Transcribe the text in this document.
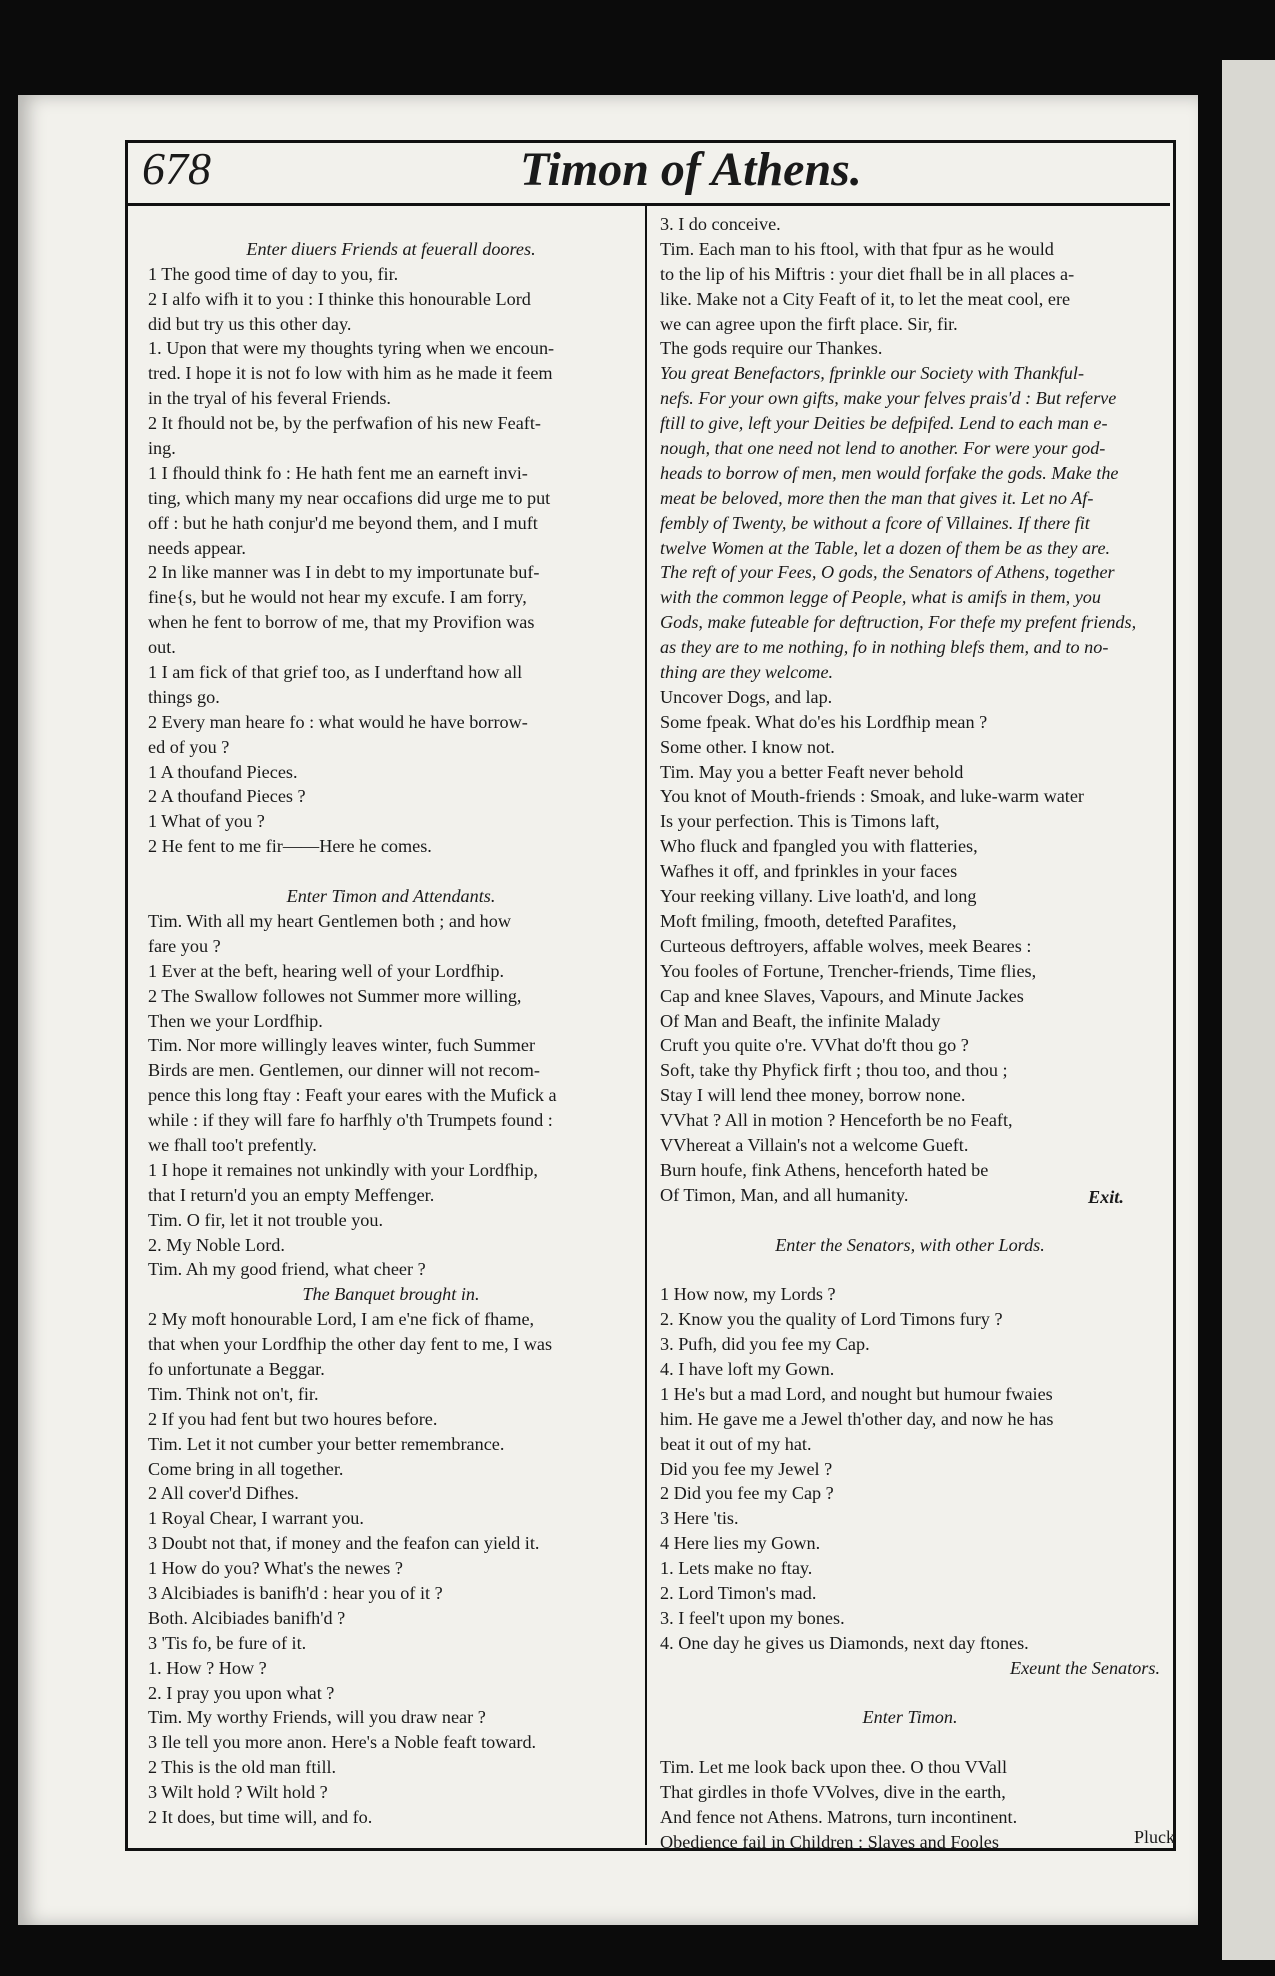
678	Timon of Athens.
Enter diuers Friends at feuerall doores.
1 The good time of day to you, fir.
2 I alfo wifh it to you : I thinke this honourable Lord
did but try us this other day.
1. Upon that were my thoughts tyring when we encoun-
tred. I hope it is not fo low with him as he made it feem
in the tryal of his feveral Friends.
2 It fhould not be, by the perfwafion of his new Feaft-
ing.
1 I fhould think fo : He hath fent me an earneft invi-
ting, which many my near occafions did urge me to put
off : but he hath conjur'd me beyond them, and I muft
needs appear.
2 In like manner was I in debt to my importunate buf-
fine{s, but he would not hear my excufe. I am forry,
when he fent to borrow of me, that my Provifion was
out.
1 I am fick of that grief too, as I underftand how all
things go.
2 Every man heare fo : what would he have borrow-
ed of you ?
1 A thoufand Pieces.
2 A thoufand Pieces ?
1 What of you ?
2 He fent to me fir——Here he comes.
Enter Timon and Attendants.
Tim. With all my heart Gentlemen both ; and how
fare you ?
1 Ever at the beft, hearing well of your Lordfhip.
2 The Swallow followes not Summer more willing,
Then we your Lordfhip.
Tim. Nor more willingly leaves winter, fuch Summer
Birds are men. Gentlemen, our dinner will not recom-
pence this long ftay : Feaft your eares with the Mufick a
while : if they will fare fo harfhly o'th Trumpets found :
we fhall too't prefently.
1 I hope it remaines not unkindly with your Lordfhip,
that I return'd you an empty Meffenger.
Tim. O fir, let it not trouble you.
2. My Noble Lord.
Tim. Ah my good friend, what cheer ?
The Banquet brought in.
2 My moft honourable Lord, I am e'ne fick of fhame,
that when your Lordfhip the other day fent to me, I was
fo unfortunate a Beggar.
Tim. Think not on't, fir.
2 If you had fent but two houres before.
Tim. Let it not cumber your better remembrance.
Come bring in all together.
2 All cover'd Difhes.
1 Royal Chear, I warrant you.
3 Doubt not that, if money and the feafon can yield it.
1 How do you? What's the newes ?
3 Alcibiades is banifh'd : hear you of it ?
Both. Alcibiades banifh'd ?
3 'Tis fo, be fure of it.
1. How ? How ?
2. I pray you upon what ?
Tim. My worthy Friends, will you draw near ?
3 Ile tell you more anon. Here's a Noble feaft toward.
2 This is the old man ftill.
3 Wilt hold ? Wilt hold ?
2 It does, but time will, and fo.
3. I do conceive.
Tim. Each man to his ftool, with that fpur as he would
to the lip of his Miftris : your diet fhall be in all places a-
like. Make not a City Feaft of it, to let the meat cool, ere
we can agree upon the firft place. Sir, fir.
The gods require our Thankes.
You great Benefactors, fprinkle our Society with Thankful-
nefs. For your own gifts, make your felves prais'd : But referve
ftill to give, left your Deities be defpifed. Lend to each man e-
nough, that one need not lend to another. For were your god-
heads to borrow of men, men would forfake the gods. Make the
meat be beloved, more then the man that gives it. Let no Af-
fembly of Twenty, be without a fcore of Villaines. If there fit
twelve Women at the Table, let a dozen of them be as they are.
The reft of your Fees, O gods, the Senators of Athens, together
with the common legge of People, what is amifs in them, you
Gods, make futeable for deftruction, For thefe my prefent friends,
as they are to me nothing, fo in nothing blefs them, and to no-
thing are they welcome.
Uncover Dogs, and lap.
Some fpeak. What do'es his Lordfhip mean ?
Some other. I know not.
Tim. May you a better Feaft never behold
You knot of Mouth-friends : Smoak, and luke-warm water
Is your perfection. This is Timons laft,
Who fluck and fpangled you with flatteries,
Wafhes it off, and fprinkles in your faces
Your reeking villany. Live loath'd, and long
Moft fmiling, fmooth, detefted Parafites,
Curteous deftroyers, affable wolves, meek Beares :
You fooles of Fortune, Trencher-friends, Time flies,
Cap and knee Slaves, Vapours, and Minute Jackes
Of Man and Beaft, the infinite Malady
Cruft you quite o're. VVhat do'ft thou go ?
Soft, take thy Phyfick firft ; thou too, and thou ;
Stay I will lend thee money, borrow none.
VVhat ? All in motion ? Henceforth be no Feaft,
VVhereat a Villain's not a welcome Gueft.
Burn houfe, fink Athens, henceforth hated be
Of Timon, Man, and all humanity.
Enter the Senators, with other Lords.
1 How now, my Lords ?
2. Know you the quality of Lord Timons fury ?
3. Pufh, did you fee my Cap.
4. I have loft my Gown.
1 He's but a mad Lord, and nought but humour fwaies
him. He gave me a Jewel th'other day, and now he has
beat it out of my hat.
Did you fee my Jewel ?
2 Did you fee my Cap ?
3 Here 'tis.
4 Here lies my Gown.
1. Lets make no ftay.
2. Lord Timon's mad.
3. I feel't upon my bones.
4. One day he gives us Diamonds, next day ftones.
Exeunt the Senators.
Enter Timon.
Tim. Let me look back upon thee. O thou VVall
That girdles in thofe VVolves, dive in the earth,
And fence not Athens. Matrons, turn incontinent.
Obedience fail in Children : Slaves and Fooles
Exit.
Pluck
